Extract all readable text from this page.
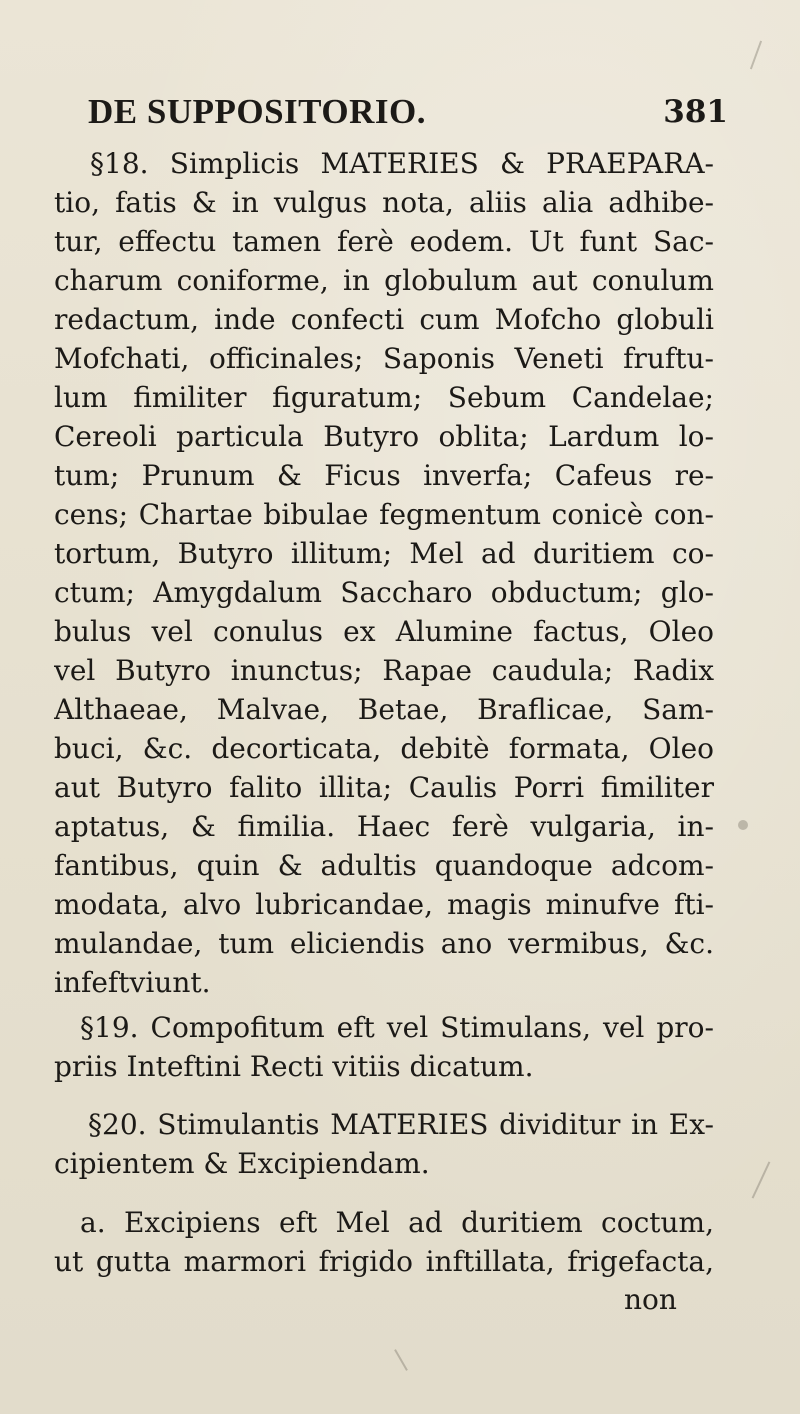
DE SUPPOSITORIO.	381
§18. Simplicis MATERIES & PRAEPARA-
tio, fatis & in vulgus nota, aliis alia adhibe-
tur, effectu tamen ferè eodem. Ut funt Sac-
charum coniforme, in globulum aut conulum
redactum, inde confecti cum Mofcho globuli
Mofchati, officinales; Saponis Veneti fruftu-
lum fimiliter figuratum; Sebum Candelae;
Cereoli particula Butyro oblita; Lardum lo-
tum; Prunum & Ficus inverfa; Cafeus re-
cens; Chartae bibulae fegmentum conicè con-
tortum, Butyro illitum; Mel ad duritiem co-
ctum; Amygdalum Saccharo obductum; glo-
bulus vel conulus ex Alumine factus, Oleo
vel Butyro inunctus; Rapae caudula; Radix
Althaeae, Malvae, Betae, Braflicae, Sam-
buci, &c. decorticata, debitè formata, Oleo
aut Butyro falito illita; Caulis Porri fimiliter
aptatus, & fimilia. Haec ferè vulgaria, in-
fantibus, quin & adultis quandoque adcom-
modata, alvo lubricandae, magis minufve fti-
mulandae, tum eliciendis ano vermibus, &c.
infeftviunt.
§19. Compofitum eft vel Stimulans, vel pro-
priis Inteftini Recti vitiis dicatum.
§20. Stimulantis MATERIES dividitur in Ex-
cipientem & Excipiendam.
a. Excipiens eft Mel ad duritiem coctum,
ut gutta marmori frigido inftillata, frigefacta,
non
